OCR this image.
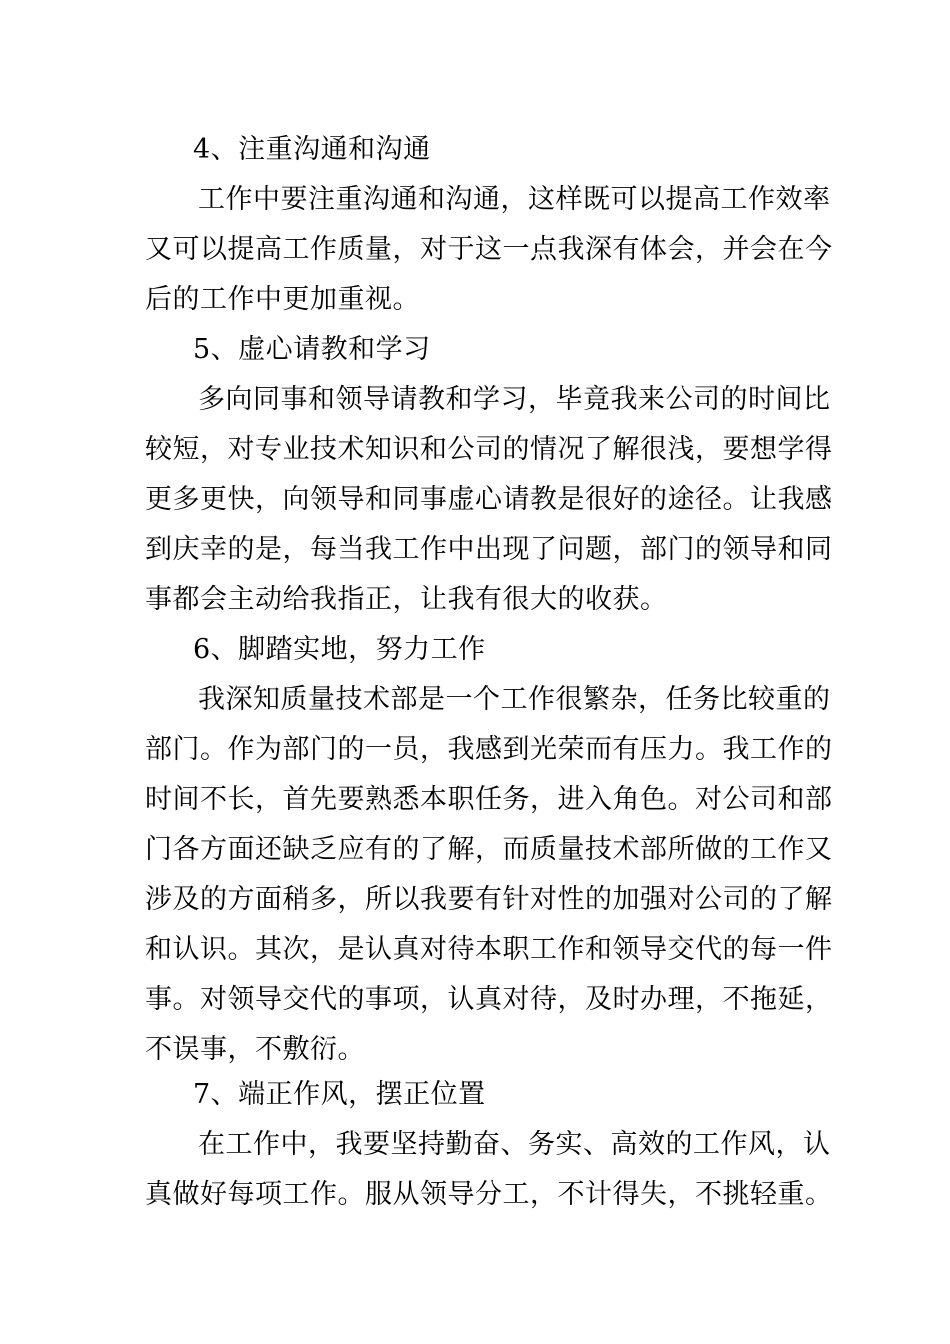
4、注重沟通和沟通
工作中要注重沟通和沟通，这样既可以提高工作效率
又可以提高工作质量，对于这一点我深有体会，并会在今
后的工作中更加重视。
5、虚心请教和学习
多向同事和领导请教和学习，毕竟我来公司的时间比
较短，对专业技术知识和公司的情况了解很浅，要想学得
更多更快，向领导和同事虚心请教是很好的途径。让我感
到庆幸的是，每当我工作中出现了问题，部门的领导和同
事都会主动给我指正，让我有很大的收获。
6、脚踏实地，努力工作
我深知质量技术部是一个工作很繁杂，任务比较重的
部门。作为部门的一员，我感到光荣而有压力。我工作的
时间不长，首先要熟悉本职任务，进入角色。对公司和部
门各方面还缺乏应有的了解，而质量技术部所做的工作又
涉及的方面稍多，所以我要有针对性的加强对公司的了解
和认识。其次，是认真对待本职工作和领导交代的每一件
事。对领导交代的事项，认真对待，及时办理，不拖延，
不误事，不敷衍。
7、端正作风，摆正位置
在工作中，我要坚持勤奋、务实、高效的工作风，认
真做好每项工作。服从领导分工，不计得失，不挑轻重。
